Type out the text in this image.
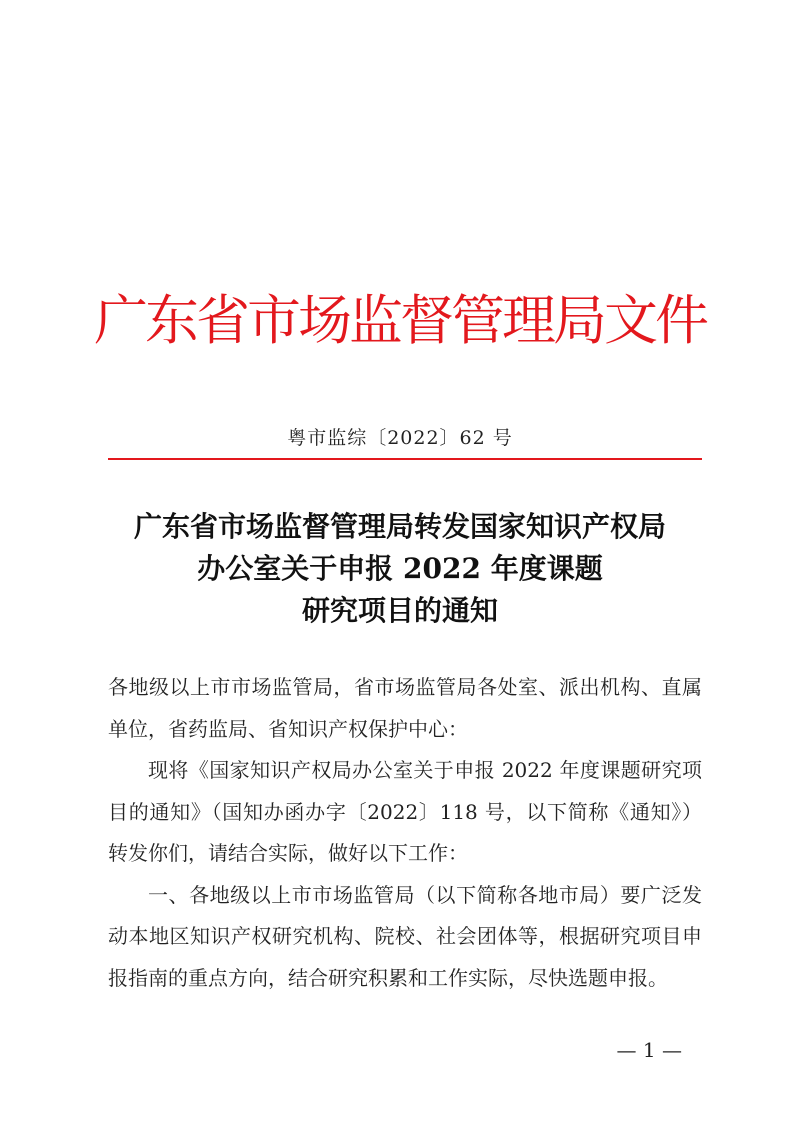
广东省市场监督管理局文件
粤市监综〔2022〕62 号
广东省市场监督管理局转发国家知识产权局
办公室关于申报 2022 年度课题
研究项目的通知

各地级以上市市场监管局，省市场监管局各处室、派出机构、直属单位，省药监局、省知识产权保护中心：

现将《国家知识产权局办公室关于申报 2022 年度课题研究项目的通知》（国知办函办字〔2022〕118 号，以下简称《通知》）转发你们，请结合实际，做好以下工作：

一、各地级以上市市场监管局（以下简称各地市局）要广泛发动本地区知识产权研究机构、院校、社会团体等，根据研究项目申报指南的重点方向，结合研究积累和工作实际，尽快选题申报。

— 1 —
